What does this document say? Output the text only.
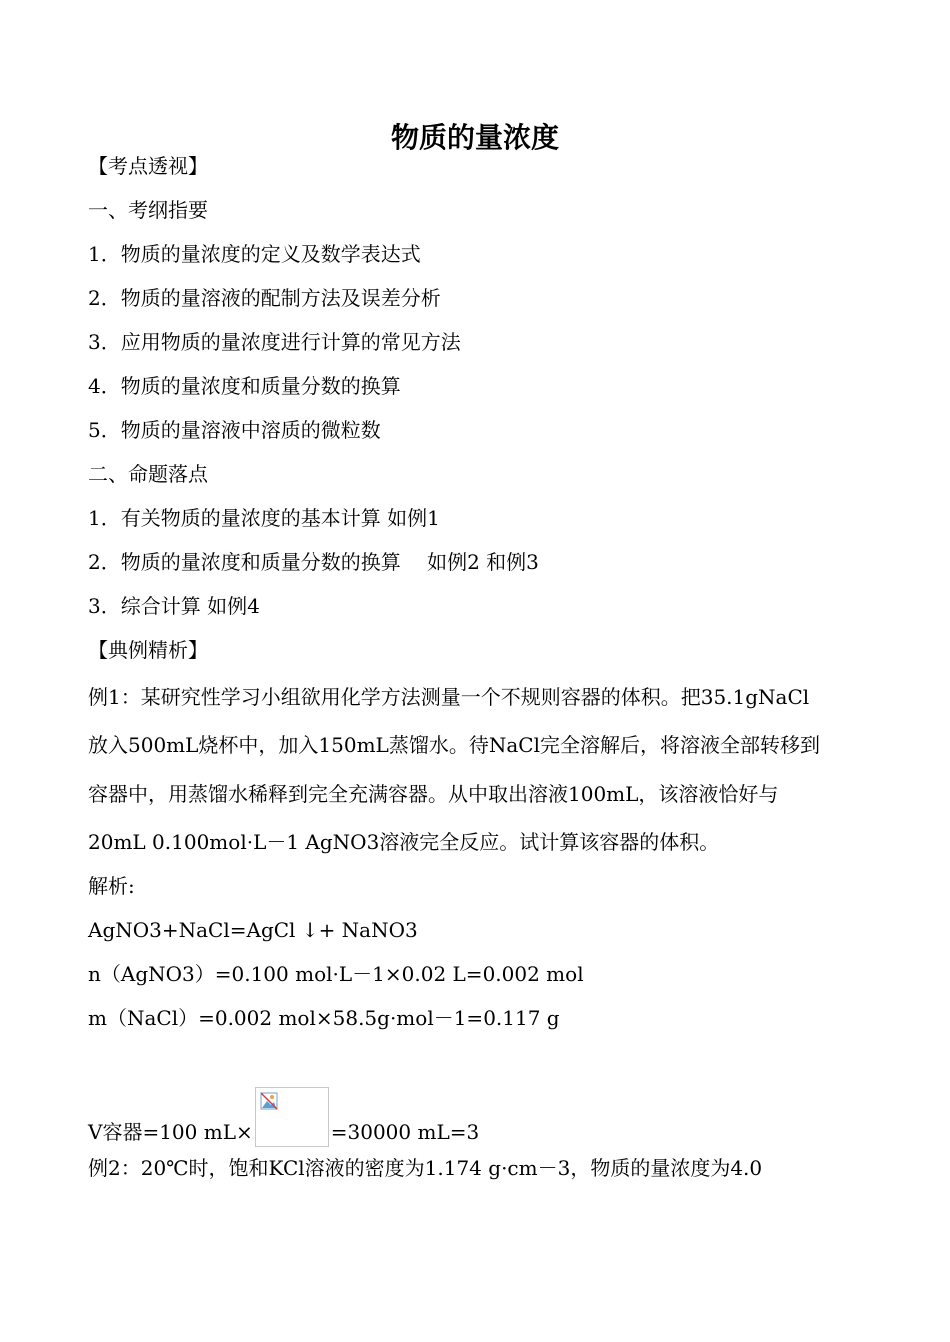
物质的量浓度
【考点透视】
一、考纲指要
1．物质的量浓度的定义及数学表达式
2．物质的量溶液的配制方法及误差分析
3．应用物质的量浓度进行计算的常见方法
4．物质的量浓度和质量分数的换算
5．物质的量溶液中溶质的微粒数
二、命题落点
1．有关物质的量浓度的基本计算 如例1
2．物质的量浓度和质量分数的换算　 如例2 和例3
3．综合计算 如例4
【典例精析】
例1：某研究性学习小组欲用化学方法测量一个不规则容器的体积。把35.1gNaCl
放入500mL烧杯中，加入150mL蒸馏水。待NaCl完全溶解后，将溶液全部转移到
容器中，用蒸馏水稀释到完全充满容器。从中取出溶液100mL，该溶液恰好与
20mL 0.100mol·L－1 AgNO3溶液完全反应。试计算该容器的体积。
解析:
AgNO3+NaCl=AgCl ↓+ NaNO3
n（AgNO3）=0.100 mol·L－1×0.02 L=0.002 mol
m（NaCl）=0.002 mol×58.5g·mol－1=0.117 g
V容器=100 mL×	=30000 mL=3
例2：20℃时，饱和KCl溶液的密度为1.174 g·cm－3，物质的量浓度为4.0
